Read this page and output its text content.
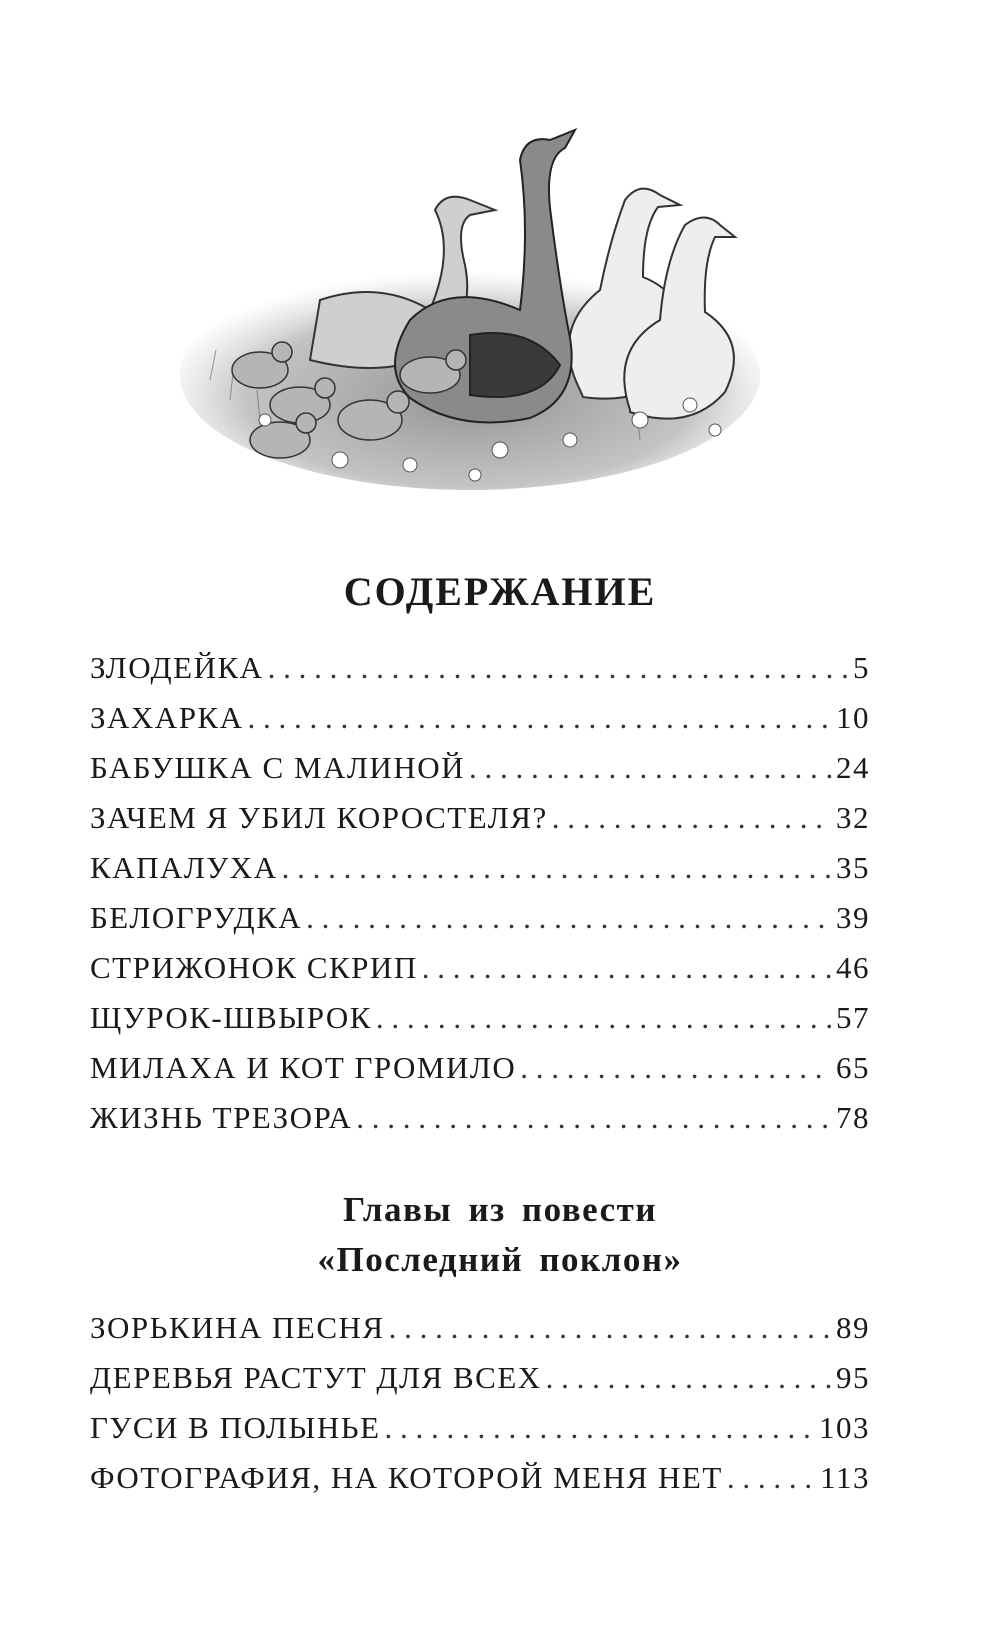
СОДЕРЖАНИЕ
ЗЛОДЕЙКА . . .	5
ЗАХАРКА . . .	10
БАБУШКА С МАЛИНОЙ . . .	24
ЗАЧЕМ Я УБИЛ КОРОСТЕЛЯ? . . .	32
КАПАЛУХА . . .	35
БЕЛОГРУДКА . . .	39
СТРИЖОНОК СКРИП . . .	46
ЩУРОК-ШВЫРОК . . .	57
МИЛАХА И КОТ ГРОМИЛО . . .	65
ЖИЗНЬ ТРЕЗОРА . . .	78
Главы из повести
«Последний поклон»
ЗОРЬКИНА ПЕСНЯ . . .	89
ДЕРЕВЬЯ РАСТУТ ДЛЯ ВСЕХ . . .	95
ГУСИ В ПОЛЫНЬЕ . . .	103
ФОТОГРАФИЯ, НА КОТОРОЙ МЕНЯ НЕТ . . .	113
